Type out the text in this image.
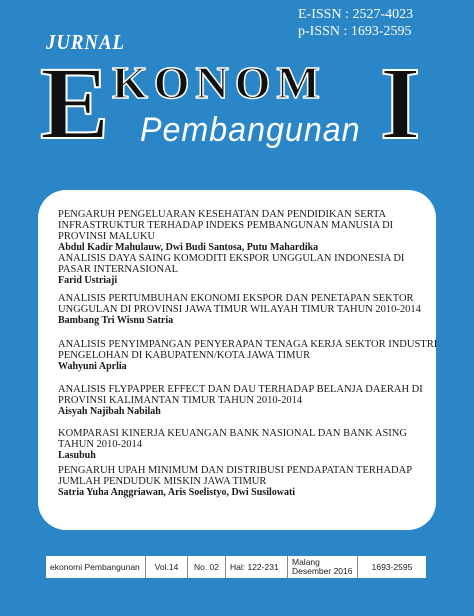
E-ISSN : 2527-4023
p-ISSN : 1693-2595
JURNAL
E KONOM I
Pembangunan
PENGARUH PENGELUARAN KESEHATAN DAN PENDIDIKAN SERTA INFRASTRUKTUR TERHADAP INDEKS PEMBANGUNAN MANUSIA DI PROVINSI MALUKU
Abdul Kadir Mahulauw, Dwi Budi Santosa, Putu Mahardika
ANALISIS DAYA SAING KOMODITI EKSPOR UNGGULAN INDONESIA DI PASAR INTERNASIONAL
Farid Ustriaji
ANALISIS PERTUMBUHAN EKONOMI EKSPOR DAN PENETAPAN SEKTOR UNGGULAN DI PROVINSI JAWA TIMUR WILAYAH TIMUR TAHUN 2010-2014
Bambang Tri Wisnu Satria
ANALISIS PENYIMPANGAN PENYERAPAN TENAGA KERJA SEKTOR INDUSTRI PENGELOHAN DI KABUPATENN/KOTA JAWA TIMUR
Wahyuni Aprlia
ANALISIS FLYPAPPER EFFECT DAN DAU TERHADAP BELANJA DAERAH DI PROVINSI KALIMANTAN TIMUR TAHUN 2010-2014
Aisyah Najibah Nabilah
KOMPARASI KINERJA KEUANGAN BANK NASIONAL DAN BANK ASING TAHUN 2010-2014
Lasubuh
PENGARUH UPAH MINIMUM DAN DISTRIBUSI PENDAPATAN TERHADAP JUMLAH PENDUDUK MISKIN JAWA TIMUR
Satria Yuha Anggriawan, Aris Soelistyo, Dwi Susilowati
ekonomi Pembangunan	Vol.14	No. 02	Hal: 122-231	Malang
Desember 2016	1693-2595
